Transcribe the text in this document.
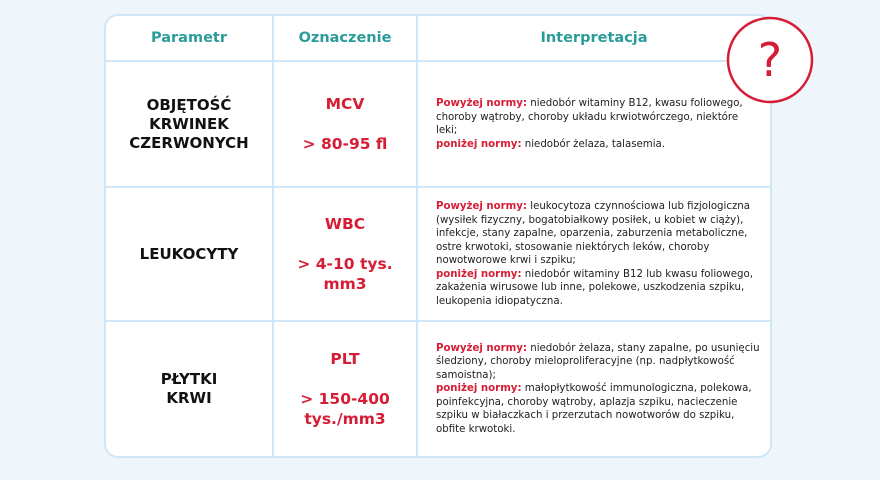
Parametr	Oznaczenie	Interpretacja
OBJĘTOŚĆ
KRWINEK
CZERWONYCH
MCV
> 80-95 fl

Powyżej normy: niedobór witaminy B12, kwasu foliowego, choroby wątroby, choroby układu krwiotwórczego, niektóre leki;
poniżej normy: niedobór żelaza, talasemia.

LEUKOCYTY
WBC
> 4-10 tys.
mm3

Powyżej normy: leukocytoza czynnościowa lub fizjologiczna (wysiłek fizyczny, bogatobiałkowy posiłek, u kobiet w ciąży), infekcje, stany zapalne, oparzenia, zaburzenia metaboliczne, ostre krwotoki, stosowanie niektórych leków, choroby nowotworowe krwi i szpiku;
poniżej normy: niedobór witaminy B12 lub kwasu foliowego, zakażenia wirusowe lub inne, polekowe, uszkodzenia szpiku, leukopenia idiopatyczna.

PŁYTKI
KRWI
PLT
> 150-400
tys./mm3

Powyżej normy: niedobór żelaza, stany zapalne, po usunięciu śledziony, choroby mieloproliferacyjne (np. nadpłytkowość samoistna);
poniżej normy: małopłytkowość immunologiczna, polekowa, poinfekcyjna, choroby wątroby, aplazja szpiku, nacieczenie szpiku w białaczkach i przerzutach nowotworów do szpiku, obfite krwotoki.

?
